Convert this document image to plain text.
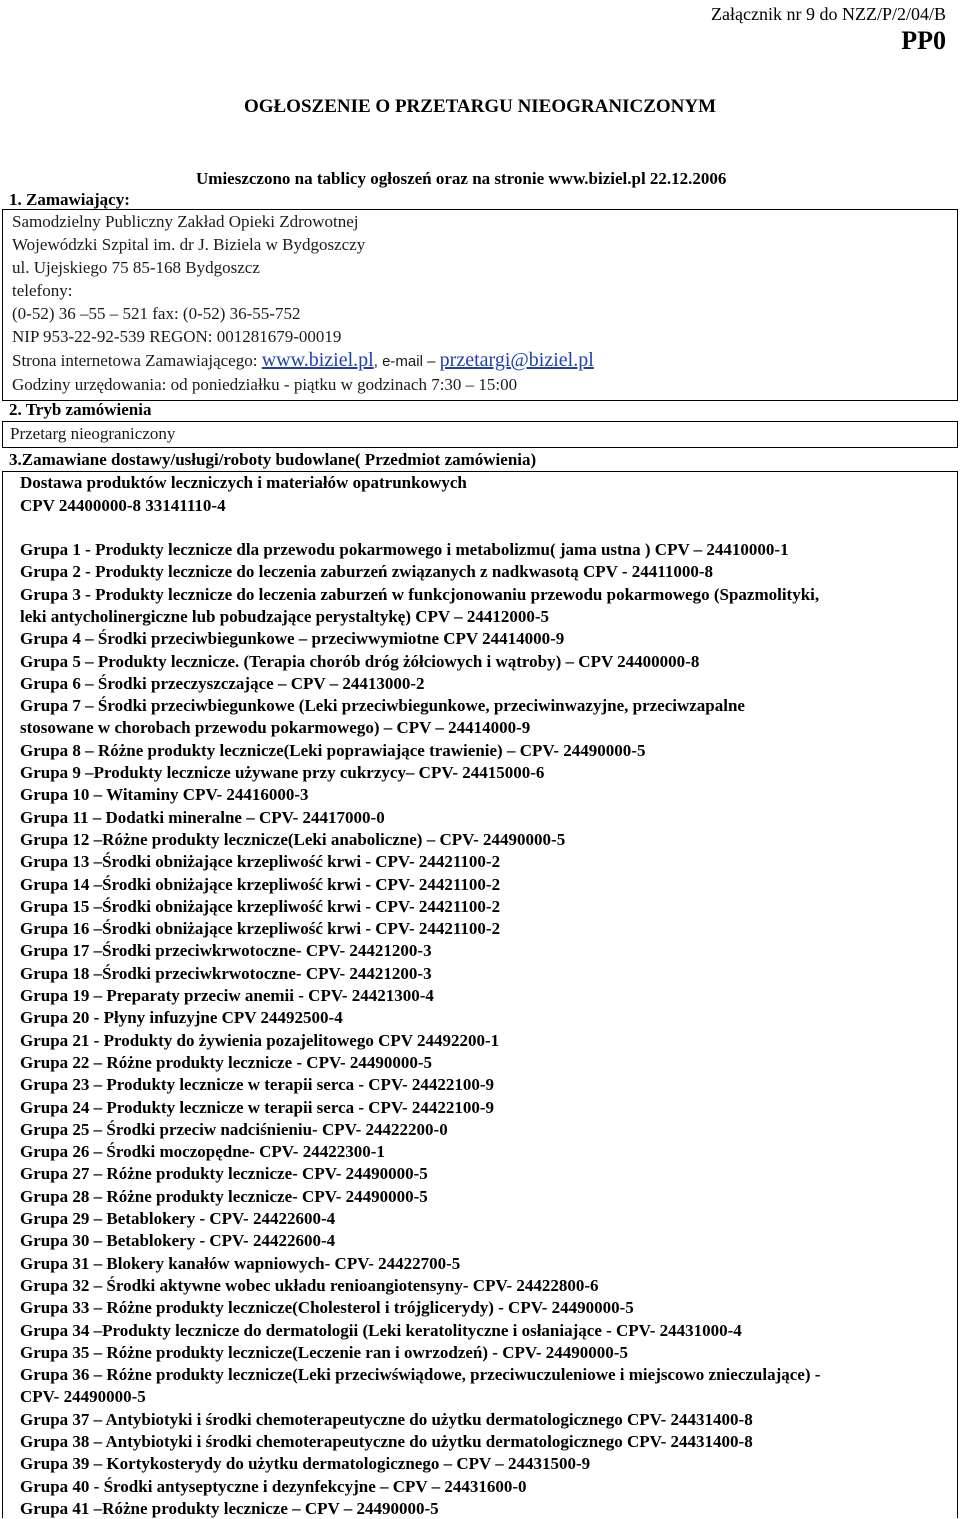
Załącznik nr 9 do NZZ/P/2/04/B
PP0
OGŁOSZENIE O PRZETARGU NIEOGRANICZONYM
Umieszczono na tablicy ogłoszeń oraz na stronie www.biziel.pl 22.12.2006
1. Zamawiający:
Samodzielny Publiczny Zakład Opieki Zdrowotnej
Wojewódzki Szpital im. dr J. Biziela w Bydgoszczy
ul. Ujejskiego 75 85-168 Bydgoszcz
telefony:
(0-52) 36 –55 – 521 fax: (0-52) 36-55-752
NIP 953-22-92-539 REGON: 001281679-00019
Strona internetowa Zamawiającego: www.biziel.pl, e-mail – przetargi@biziel.pl
Godziny urzędowania: od poniedziałku - piątku w godzinach 7:30 – 15:00
2. Tryb zamówienia
Przetarg nieograniczony
3.Zamawiane dostawy/usługi/roboty budowlane( Przedmiot zamówienia)
Dostawa produktów leczniczych i materiałów opatrunkowych
CPV 24400000-8 33141110-4
Grupa 1 - Produkty lecznicze dla przewodu pokarmowego i metabolizmu( jama ustna ) CPV – 24410000-1
Grupa 2 - Produkty lecznicze do leczenia zaburzeń związanych z nadkwasotą CPV - 24411000-8
Grupa 3 - Produkty lecznicze do leczenia zaburzeń w funkcjonowaniu przewodu pokarmowego (Spazmolityki,
leki antycholinergiczne lub pobudzające perystaltykę) CPV – 24412000-5
Grupa 4 – Środki przeciwbiegunkowe – przeciwwymiotne CPV 24414000-9
Grupa 5 – Produkty lecznicze. (Terapia chorób dróg żółciowych i wątroby) – CPV 24400000-8
Grupa 6 – Środki przeczyszczające – CPV – 24413000-2
Grupa 7 – Środki przeciwbiegunkowe (Leki przeciwbiegunkowe, przeciwinwazyjne, przeciwzapalne
stosowane w chorobach przewodu pokarmowego) – CPV – 24414000-9
Grupa 8 – Różne produkty lecznicze(Leki poprawiające trawienie) – CPV- 24490000-5
Grupa 9 –Produkty lecznicze używane przy cukrzycy– CPV- 24415000-6
Grupa 10 – Witaminy CPV- 24416000-3
Grupa 11 – Dodatki mineralne – CPV- 24417000-0
Grupa 12 –Różne produkty lecznicze(Leki anaboliczne) – CPV- 24490000-5
Grupa 13 –Środki obniżające krzepliwość krwi - CPV- 24421100-2
Grupa 14 –Środki obniżające krzepliwość krwi - CPV- 24421100-2
Grupa 15 –Środki obniżające krzepliwość krwi - CPV- 24421100-2
Grupa 16 –Środki obniżające krzepliwość krwi - CPV- 24421100-2
Grupa 17 –Środki przeciwkrwotoczne- CPV- 24421200-3
Grupa 18 –Środki przeciwkrwotoczne- CPV- 24421200-3
Grupa 19 – Preparaty przeciw anemii - CPV- 24421300-4
Grupa 20 - Płyny infuzyjne CPV 24492500-4
Grupa 21 - Produkty do żywienia pozajelitowego CPV 24492200-1
Grupa 22 – Różne produkty lecznicze - CPV- 24490000-5
Grupa 23 – Produkty lecznicze w terapii serca - CPV- 24422100-9
Grupa 24 – Produkty lecznicze w terapii serca - CPV- 24422100-9
Grupa 25 – Środki przeciw nadciśnieniu- CPV- 24422200-0
Grupa 26 – Środki moczopędne- CPV- 24422300-1
Grupa 27 – Różne produkty lecznicze- CPV- 24490000-5
Grupa 28 – Różne produkty lecznicze- CPV- 24490000-5
Grupa 29 – Betablokery - CPV- 24422600-4
Grupa 30 – Betablokery - CPV- 24422600-4
Grupa 31 – Blokery kanałów wapniowych- CPV- 24422700-5
Grupa 32 – Środki aktywne wobec układu renioangiotensyny- CPV- 24422800-6
Grupa 33 – Różne produkty lecznicze(Cholesterol i trójglicerydy) - CPV- 24490000-5
Grupa 34 –Produkty lecznicze do dermatologii (Leki keratolityczne i osłaniające - CPV- 24431000-4
Grupa 35 – Różne produkty lecznicze(Leczenie ran i owrzodzeń) - CPV- 24490000-5
Grupa 36 – Różne produkty lecznicze(Leki przeciwświądowe, przeciwuczuleniowe i miejscowo znieczulające) -
CPV- 24490000-5
Grupa 37 – Antybiotyki i środki chemoterapeutyczne do użytku dermatologicznego CPV- 24431400-8
Grupa 38 – Antybiotyki i środki chemoterapeutyczne do użytku dermatologicznego CPV- 24431400-8
Grupa 39 – Kortykosterydy do użytku dermatologicznego – CPV – 24431500-9
Grupa 40 - Środki antyseptyczne i dezynfekcyjne – CPV – 24431600-0
Grupa 41 –Różne produkty lecznicze – CPV – 24490000-5
